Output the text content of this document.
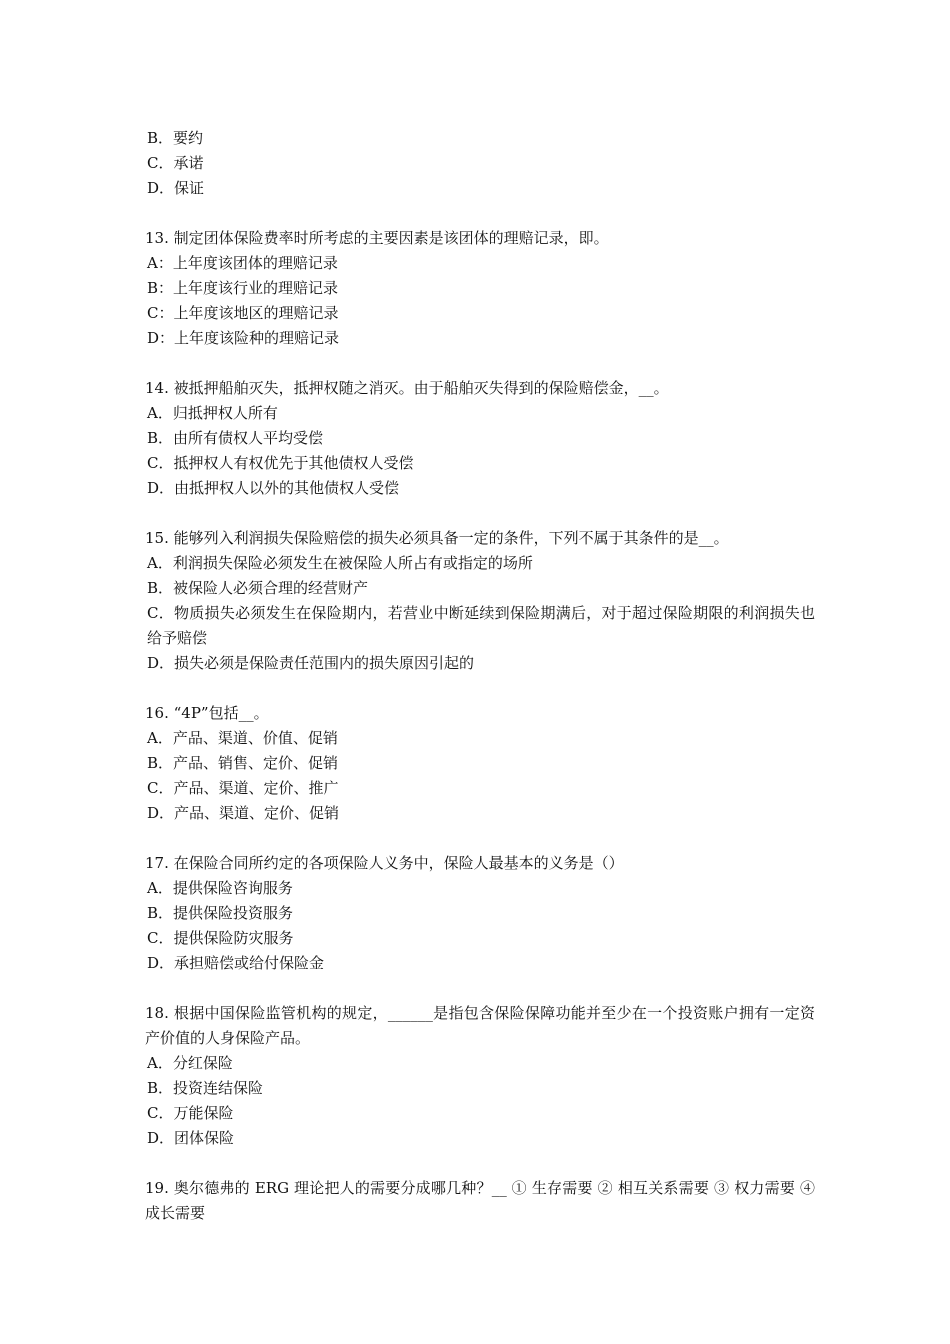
B．要约
C．承诺
D．保证
13. 制定团体保险费率时所考虑的主要因素是该团体的理赔记录，即。
A：上年度该团体的理赔记录
B：上年度该行业的理赔记录
C：上年度该地区的理赔记录
D：上年度该险种的理赔记录
14. 被抵押船舶灭失，抵押权随之消灭。由于船舶灭失得到的保险赔偿金，__。
A．归抵押权人所有
B．由所有债权人平均受偿
C．抵押权人有权优先于其他债权人受偿
D．由抵押权人以外的其他债权人受偿
15. 能够列入利润损失保险赔偿的损失必须具备一定的条件，下列不属于其条件的是__。
A．利润损失保险必须发生在被保险人所占有或指定的场所
B．被保险人必须合理的经营财产
C．物质损失必须发生在保险期内，若营业中断延续到保险期满后，对于超过保险期限的利润损失也给予赔偿
D．损失必须是保险责任范围内的损失原因引起的
16. “4P”包括__。
A．产品、渠道、价值、促销
B．产品、销售、定价、促销
C．产品、渠道、定价、推广
D．产品、渠道、定价、促销
17. 在保险合同所约定的各项保险人义务中，保险人最基本的义务是（）
A．提供保险咨询服务
B．提供保险投资服务
C．提供保险防灾服务
D．承担赔偿或给付保险金
18. 根据中国保险监管机构的规定，______是指包含保险保障功能并至少在一个投资账户拥有一定资产价值的人身保险产品。
A．分红保险
B．投资连结保险
C．万能保险
D．团体保险
19. 奥尔德弗的 ERG 理论把人的需要分成哪几种？__ ① 生存需要 ② 相互关系需要 ③ 权力需要 ④ 成长需要
